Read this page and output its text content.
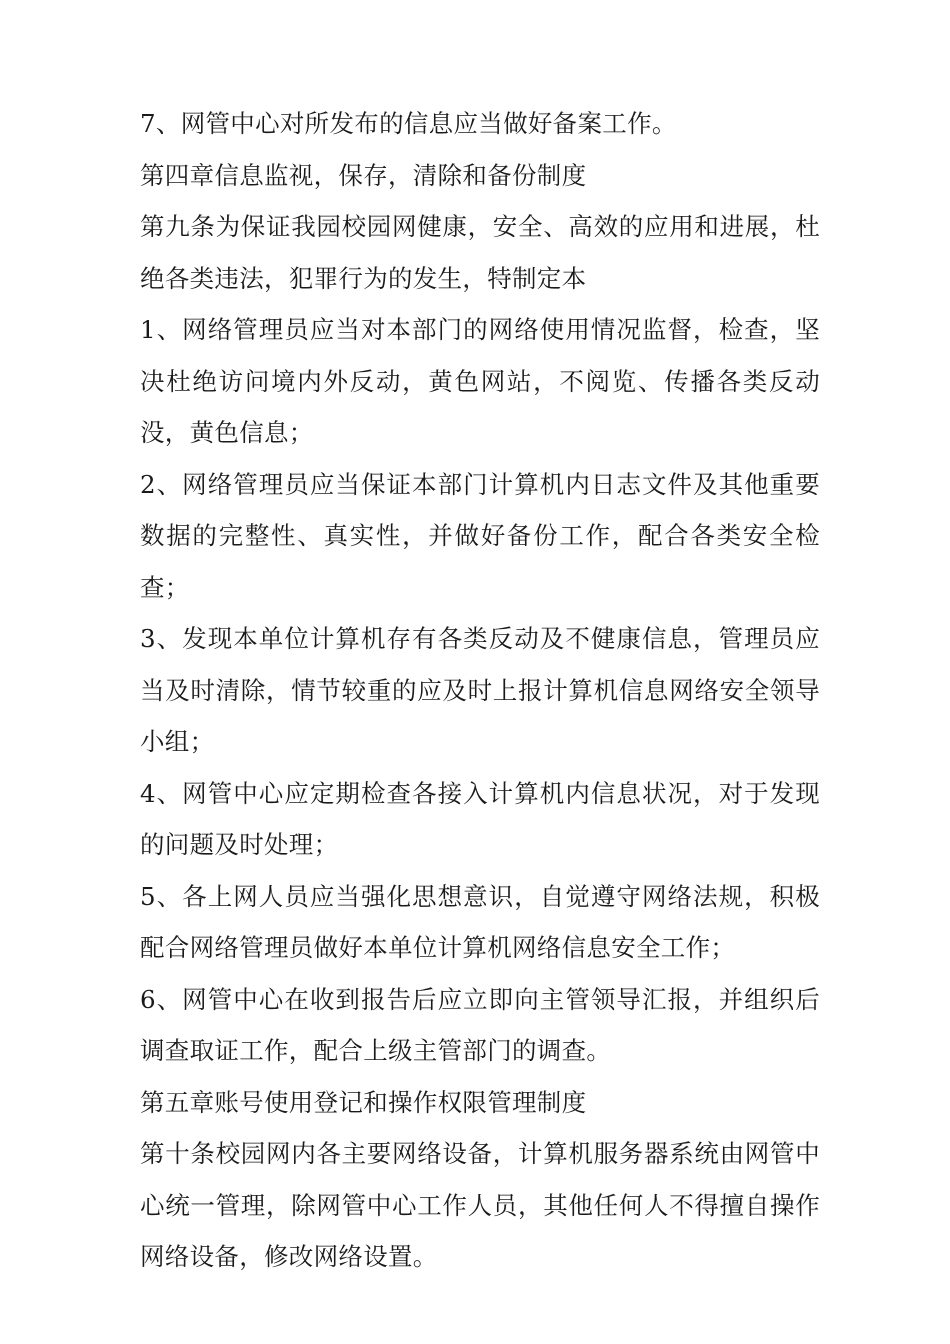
7、网管中心对所发布的信息应当做好备案工作。

第四章信息监视，保存，清除和备份制度

第九条为保证我园校园网健康，安全、高效的应用和进展，杜绝各类违法，犯罪行为的发生，特制定本

1、网络管理员应当对本部门的网络使用情况监督，检查，坚决杜绝访问境内外反动，黄色网站，不阅览、传播各类反动没，黄色信息；

2、网络管理员应当保证本部门计算机内日志文件及其他重要数据的完整性、真实性，并做好备份工作，配合各类安全检查；

3、发现本单位计算机存有各类反动及不健康信息，管理员应当及时清除，情节较重的应及时上报计算机信息网络安全领导小组；

4、网管中心应定期检查各接入计算机内信息状况，对于发现的问题及时处理；

5、各上网人员应当强化思想意识，自觉遵守网络法规，积极配合网络管理员做好本单位计算机网络信息安全工作；

6、网管中心在收到报告后应立即向主管领导汇报，并组织后调查取证工作，配合上级主管部门的调查。

第五章账号使用登记和操作权限管理制度

第十条校园网内各主要网络设备，计算机服务器系统由网管中心统一管理，除网管中心工作人员，其他任何人不得擅自操作网络设备，修改网络设置。
